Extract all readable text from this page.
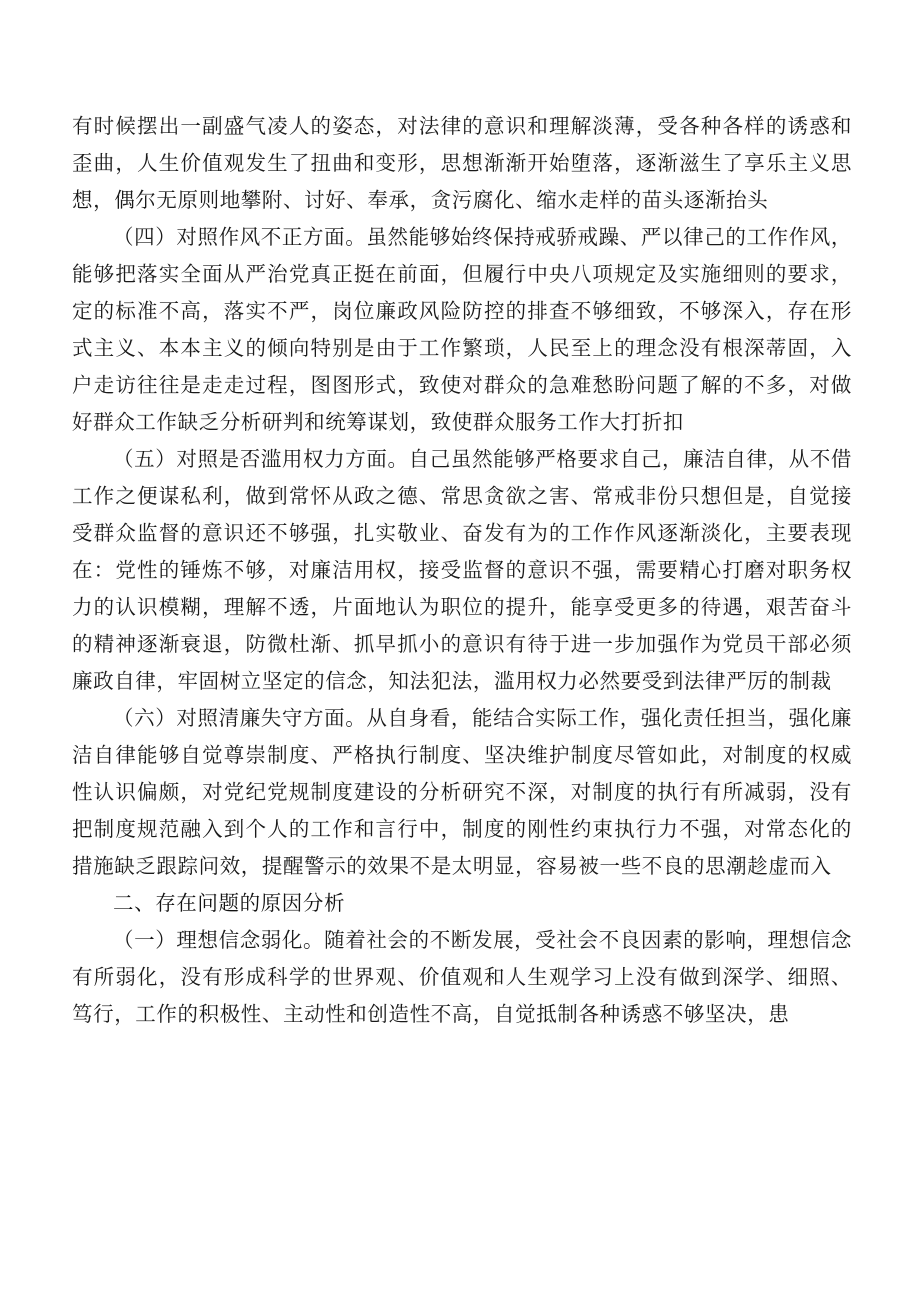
有时候摆出一副盛气凌人的姿态，对法律的意识和理解淡薄，受各种各样的诱惑和歪曲，人生价值观发生了扭曲和变形，思想渐渐开始堕落，逐渐滋生了享乐主义思想，偶尔无原则地攀附、讨好、奉承，贪污腐化、缩水走样的苗头逐渐抬头

（四）对照作风不正方面。虽然能够始终保持戒骄戒躁、严以律己的工作作风，能够把落实全面从严治党真正挺在前面，但履行中央八项规定及实施细则的要求，定的标准不高，落实不严，岗位廉政风险防控的排查不够细致，不够深入，存在形式主义、本本主义的倾向特别是由于工作繁琐，人民至上的理念没有根深蒂固，入户走访往往是走走过程，图图形式，致使对群众的急难愁盼问题了解的不多，对做好群众工作缺乏分析研判和统筹谋划，致使群众服务工作大打折扣

（五）对照是否滥用权力方面。自己虽然能够严格要求自己，廉洁自律，从不借工作之便谋私利，做到常怀从政之德、常思贪欲之害、常戒非份只想但是，自觉接受群众监督的意识还不够强，扎实敬业、奋发有为的工作作风逐渐淡化，主要表现在：党性的锤炼不够，对廉洁用权，接受监督的意识不强，需要精心打磨对职务权力的认识模糊，理解不透，片面地认为职位的提升，能享受更多的待遇，艰苦奋斗的精神逐渐衰退，防微杜渐、抓早抓小的意识有待于进一步加强作为党员干部必须廉政自律，牢固树立坚定的信念，知法犯法，滥用权力必然要受到法律严厉的制裁

（六）对照清廉失守方面。从自身看，能结合实际工作，强化责任担当，强化廉洁自律能够自觉尊崇制度、严格执行制度、坚决维护制度尽管如此，对制度的权威性认识偏颇，对党纪党规制度建设的分析研究不深，对制度的执行有所减弱，没有把制度规范融入到个人的工作和言行中，制度的刚性约束执行力不强，对常态化的措施缺乏跟踪问效，提醒警示的效果不是太明显，容易被一些不良的思潮趁虚而入

二、存在问题的原因分析

（一）理想信念弱化。随着社会的不断发展，受社会不良因素的影响，理想信念有所弱化，没有形成科学的世界观、价值观和人生观学习上没有做到深学、细照、笃行，工作的积极性、主动性和创造性不高，自觉抵制各种诱惑不够坚决，患
